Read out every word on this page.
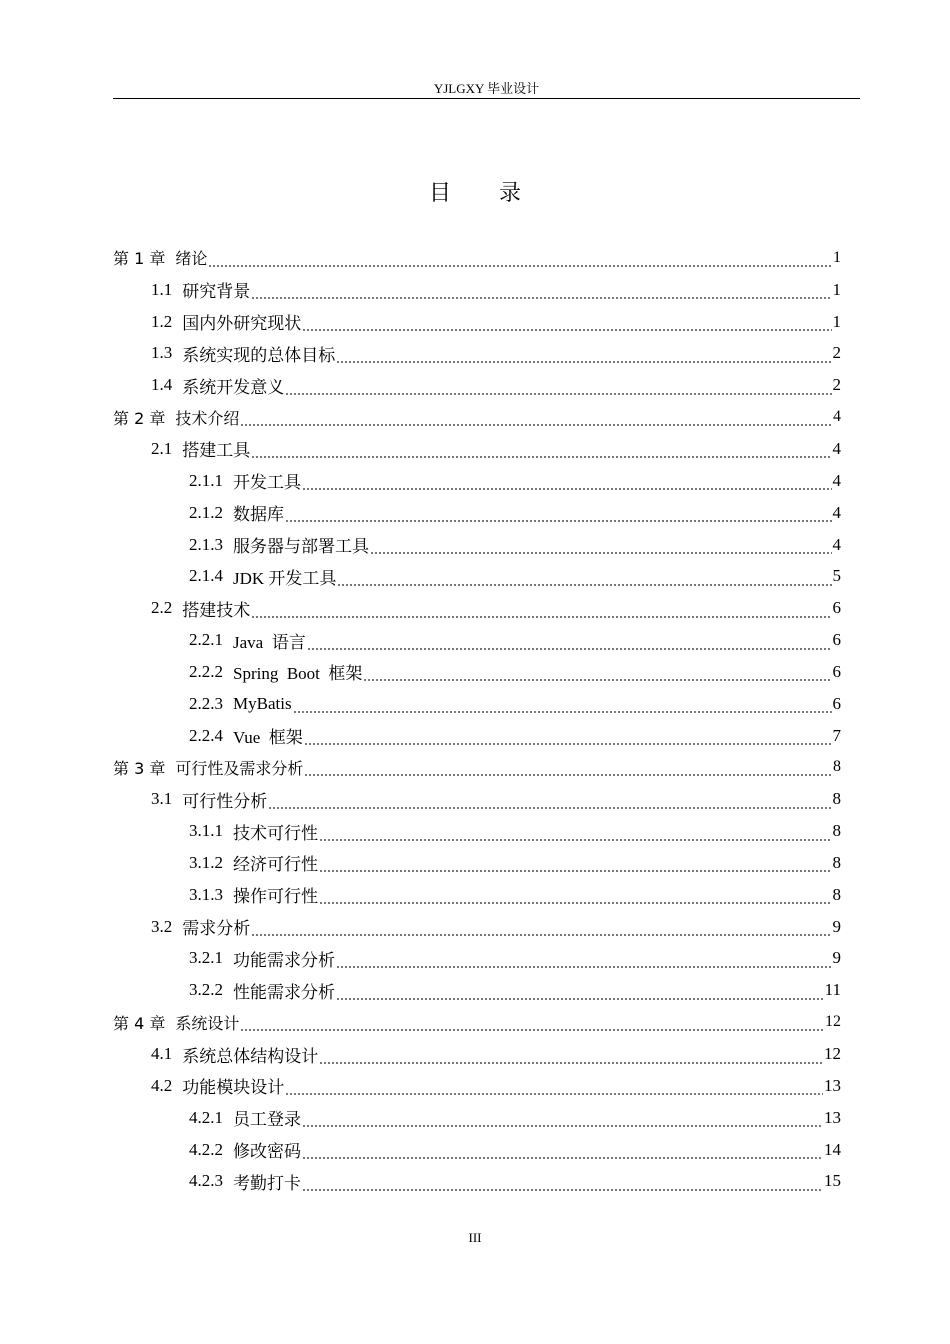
YJLGXY 毕业设计
目 录
第 1 章 绪论	1
1.1 研究背景	1
1.2 国内外研究现状	1
1.3 系统实现的总体目标	2
1.4 系统开发意义	2
第 2 章 技术介绍	4
2.1 搭建工具	4
2.1.1 开发工具	4
2.1.2 数据库	4
2.1.3 服务器与部署工具	4
2.1.4 JDK 开发工具	5
2.2 搭建技术	6
2.2.1 Java  语言	6
2.2.2 Spring  Boot  框架	6
2.2.3 MyBatis	6
2.2.4 Vue  框架	7
第 3 章 可行性及需求分析	8
3.1 可行性分析	8
3.1.1 技术可行性	8
3.1.2 经济可行性	8
3.1.3 操作可行性	8
3.2 需求分析	9
3.2.1 功能需求分析	9
3.2.2 性能需求分析	11
第 4 章 系统设计	12
4.1 系统总体结构设计	12
4.2 功能模块设计	13
4.2.1 员工登录	13
4.2.2 修改密码	14
4.2.3 考勤打卡	15
III
